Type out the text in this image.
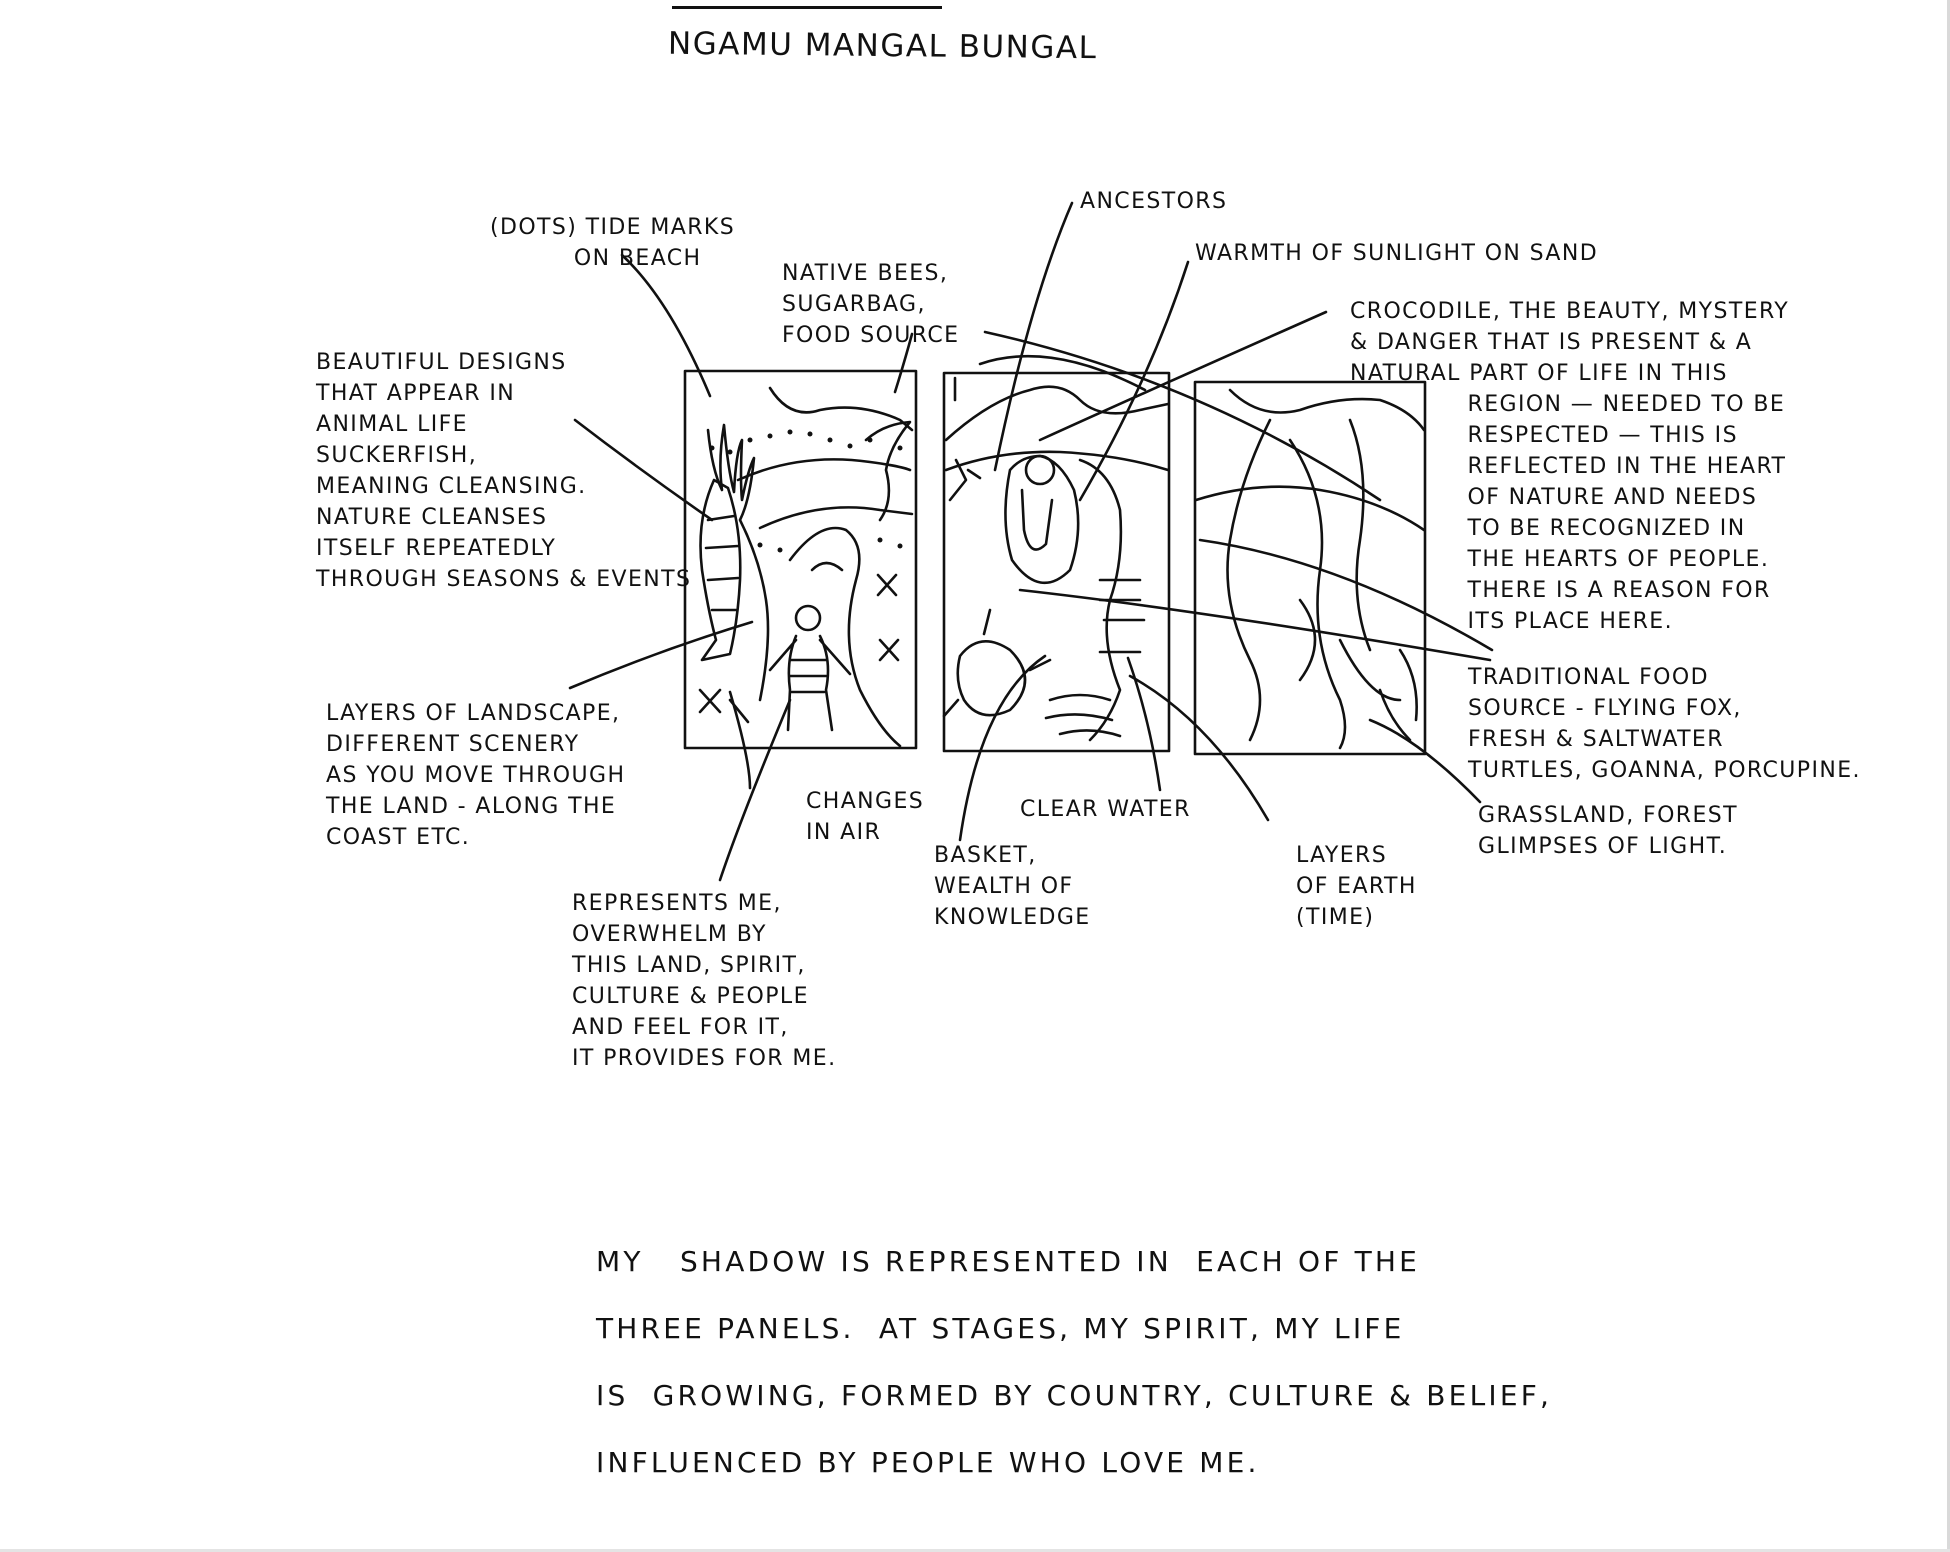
NGAMU MANGAL BUNGAL
(DOTS) TIDE MARKS
ON BEACH
NATIVE BEES,
SUGARBAG,
FOOD SOURCE
ANCESTORS
WARMTH OF SUNLIGHT ON SAND
CROCODILE, THE BEAUTY, MYSTERY
& DANGER THAT IS PRESENT & A
NATURAL PART OF LIFE IN THIS
REGION — NEEDED TO BE
RESPECTED — THIS IS
REFLECTED IN THE HEART
OF NATURE AND NEEDS
TO BE RECOGNIZED IN
THE HEARTS OF PEOPLE.
THERE IS A REASON FOR
ITS PLACE HERE.
BEAUTIFUL DESIGNS
THAT APPEAR IN
ANIMAL LIFE
SUCKERFISH,
MEANING CLEANSING.
NATURE CLEANSES
ITSELF REPEATEDLY
THROUGH SEASONS & EVENTS
LAYERS OF LANDSCAPE,
DIFFERENT SCENERY
AS YOU MOVE THROUGH
THE LAND - ALONG THE
COAST ETC.
CHANGES
IN AIR
CLEAR WATER
BASKET,
WEALTH OF
KNOWLEDGE
LAYERS
OF EARTH
(TIME)
TRADITIONAL FOOD
SOURCE - FLYING FOX,
FRESH & SALTWATER
TURTLES, GOANNA, PORCUPINE.
GRASSLAND, FOREST
GLIMPSES OF LIGHT.
REPRESENTS ME,
OVERWHELM BY
THIS LAND, SPIRIT,
CULTURE & PEOPLE
AND FEEL FOR IT,
IT PROVIDES FOR ME.
MY   SHADOW IS REPRESENTED IN  EACH OF THE
THREE PANELS.  AT STAGES, MY SPIRIT, MY LIFE
IS  GROWING, FORMED BY COUNTRY, CULTURE & BELIEF,
INFLUENCED BY PEOPLE WHO LOVE ME.
